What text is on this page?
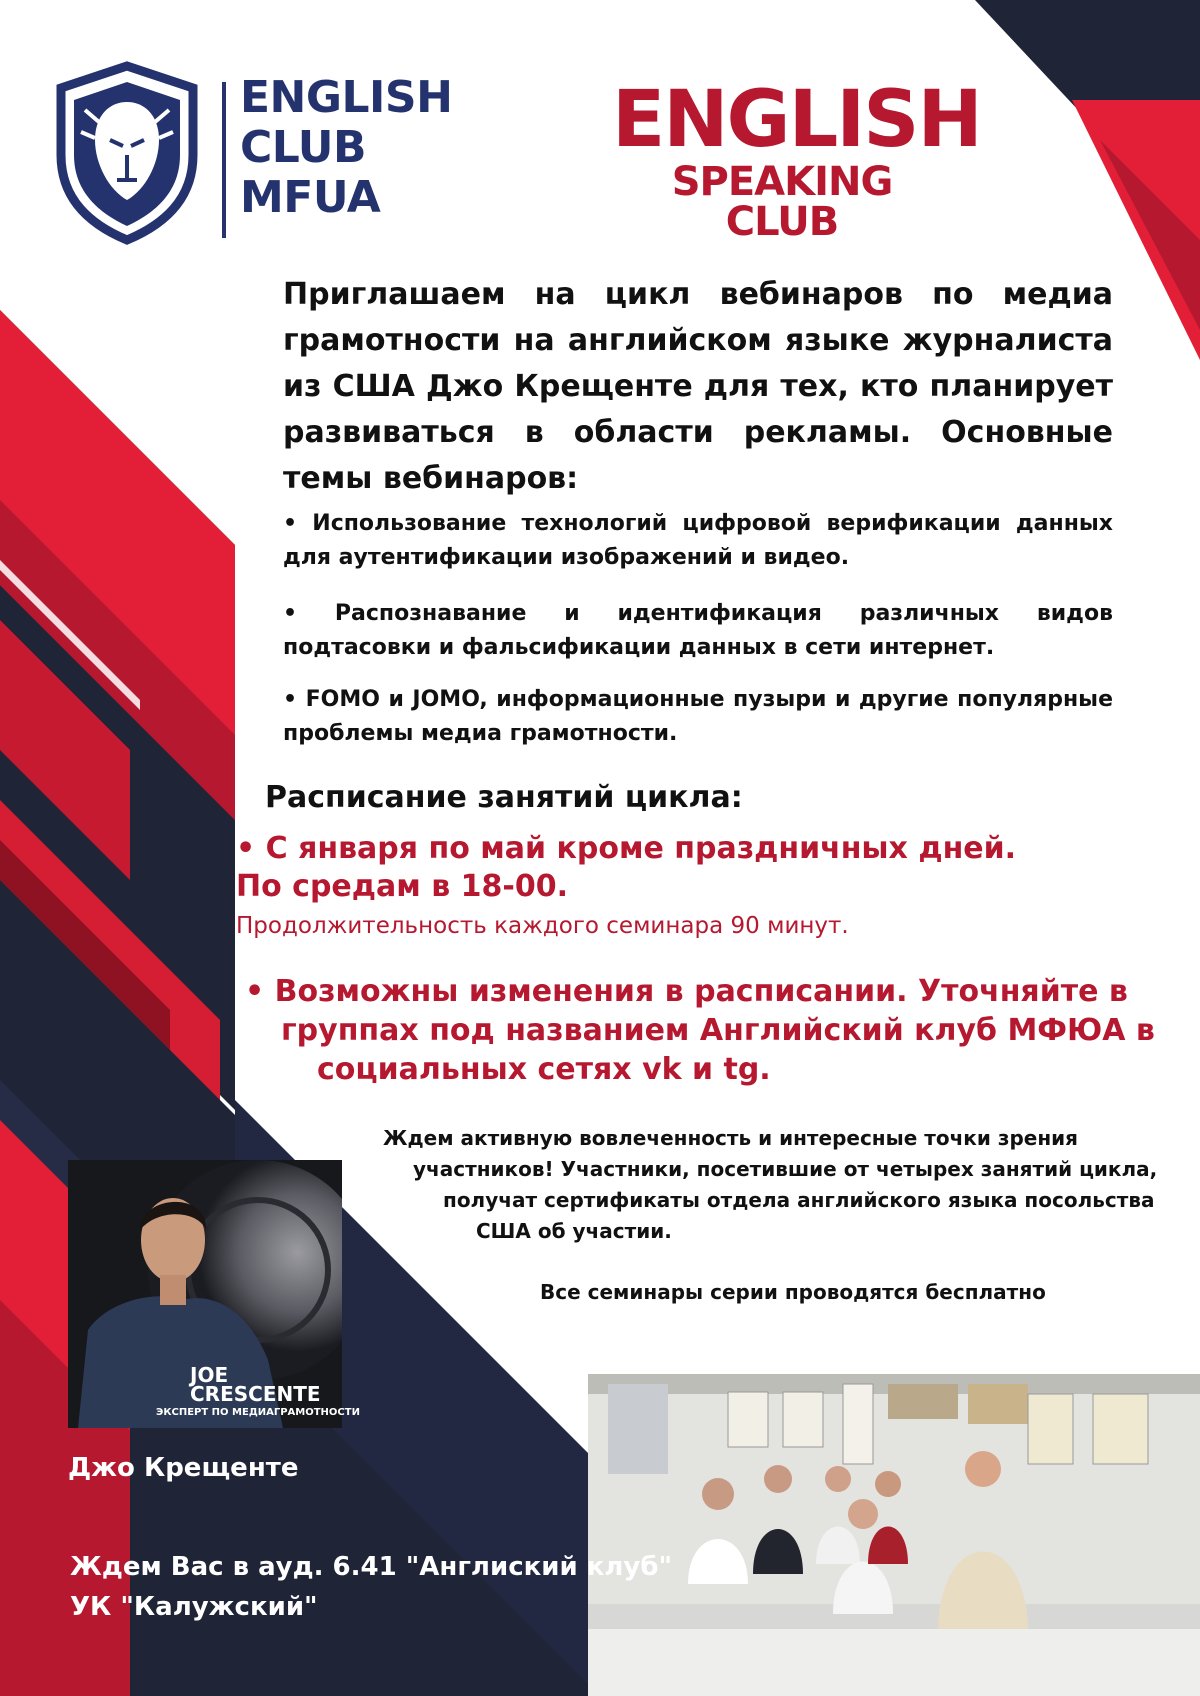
ENGLISH
CLUB
MFUA
ENGLISH
SPEAKING CLUB
Приглашаем на цикл вебинаров по медиа грамотности на английском языке журналиста из США Джо Крещенте для тех, кто планирует развиваться в области рекламы. Основные темы вебинаров:
• Использование технологий цифровой верификации данных для аутентификации изображений и видео.
• Распознавание и идентификация различных видов подтасовки и фальсификации данных в сети интернет.
• FOMO и JOMO, информационные пузыри и другие популярные проблемы медиа грамотности.
Расписание занятий цикла:
• С января по май кроме праздничных дней.
По средам в 18-00.
Продолжительность каждого семинара 90 минут.
• Возможны изменения в расписании. Уточняйте в
группах под названием Английский клуб МФЮА в
социальных сетях vk и tg.
Ждем активную вовлеченность и интересные точки зрения
участников! Участники, посетившие от четырех занятий цикла,
получат сертификаты отдела английского языка посольства
США об участии.
Все семинары серии проводятся бесплатно
JOE
CRESCENTE
ЭКСПЕРТ ПО МЕДИАГРАМОТНОСТИ
Джо Крещенте
Ждем Вас в ауд. 6.41 "Англиский клуб"
УК "Калужский"
